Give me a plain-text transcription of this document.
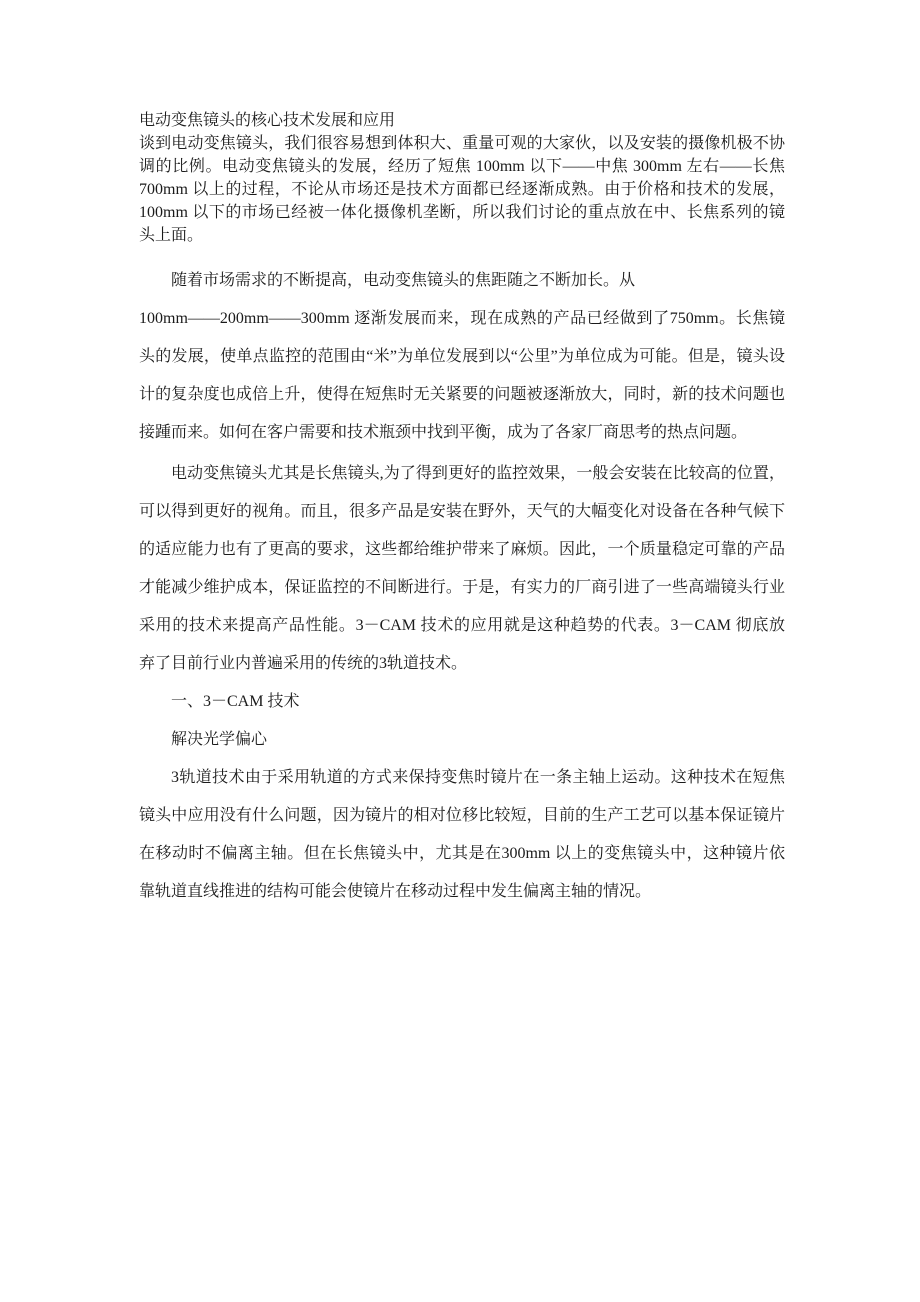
电动变焦镜头的核心技术发展和应用
谈到电动变焦镜头，我们很容易想到体积大、重量可观的大家伙，以及安装的摄像机极不协
调的比例。电动变焦镜头的发展，经历了短焦 100mm 以下——中焦 300mm 左右——长焦
700mm 以上的过程，不论从市场还是技术方面都已经逐渐成熟。由于价格和技术的发展，
100mm 以下的市场已经被一体化摄像机垄断，所以我们讨论的重点放在中、长焦系列的镜
头上面。
随着市场需求的不断提高，电动变焦镜头的焦距随之不断加长。从
100mm——200mm——300mm 逐渐发展而来，现在成熟的产品已经做到了750mm。长焦镜
头的发展，使单点监控的范围由“米”为单位发展到以“公里”为单位成为可能。但是，镜头设
计的复杂度也成倍上升，使得在短焦时无关紧要的问题被逐渐放大，同时，新的技术问题也
接踵而来。如何在客户需要和技术瓶颈中找到平衡，成为了各家厂商思考的热点问题。
电动变焦镜头尤其是长焦镜头,为了得到更好的监控效果，一般会安装在比较高的位置，
可以得到更好的视角。而且，很多产品是安装在野外，天气的大幅变化对设备在各种气候下
的适应能力也有了更高的要求，这些都给维护带来了麻烦。因此，一个质量稳定可靠的产品
才能减少维护成本，保证监控的不间断进行。于是，有实力的厂商引进了一些高端镜头行业
采用的技术来提高产品性能。3－CAM 技术的应用就是这种趋势的代表。3－CAM 彻底放
弃了目前行业内普遍采用的传统的3轨道技术。
一、3－CAM 技术
解决光学偏心
3轨道技术由于采用轨道的方式来保持变焦时镜片在一条主轴上运动。这种技术在短焦
镜头中应用没有什么问题，因为镜片的相对位移比较短，目前的生产工艺可以基本保证镜片
在移动时不偏离主轴。但在长焦镜头中，尤其是在300mm 以上的变焦镜头中，这种镜片依
靠轨道直线推进的结构可能会使镜片在移动过程中发生偏离主轴的情况。
